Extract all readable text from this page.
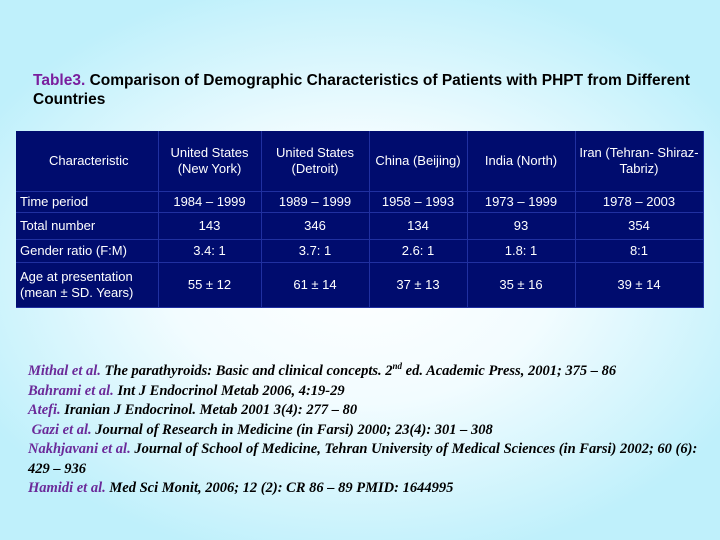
Table3. Comparison of Demographic Characteristics of Patients with PHPT from Different Countries
Characteristic	United States (New York)	United States (Detroit)	China (Beijing)	India (North)	Iran (Tehran- Shiraz- Tabriz)
Time period	1984 – 1999	1989 – 1999	1958 – 1993	1973 – 1999	1978 – 2003
Total number	143	346	134	93	354
Gender ratio (F:M)	3.4: 1	3.7: 1	2.6: 1	1.8: 1	8:1
Age at presentation (mean ± SD. Years)	55 ± 12	61 ± 14	37 ± 13	35 ± 16	39 ± 14
Mithal et al. The parathyroids: Basic and clinical concepts. 2nd ed. Academic Press, 2001; 375 – 86
Bahrami et al. Int J Endocrinol Metab 2006, 4:19-29
Atefi. Iranian J Endocrinol. Metab 2001 3(4): 277 – 80
Gazi et al. Journal of Research in Medicine (in Farsi) 2000; 23(4): 301 – 308
Nakhjavani et al. Journal of School of Medicine, Tehran University of Medical Sciences (in Farsi) 2002; 60 (6): 429 – 936
Hamidi et al. Med Sci Monit, 2006; 12 (2): CR 86 – 89 PMID: 1644995
